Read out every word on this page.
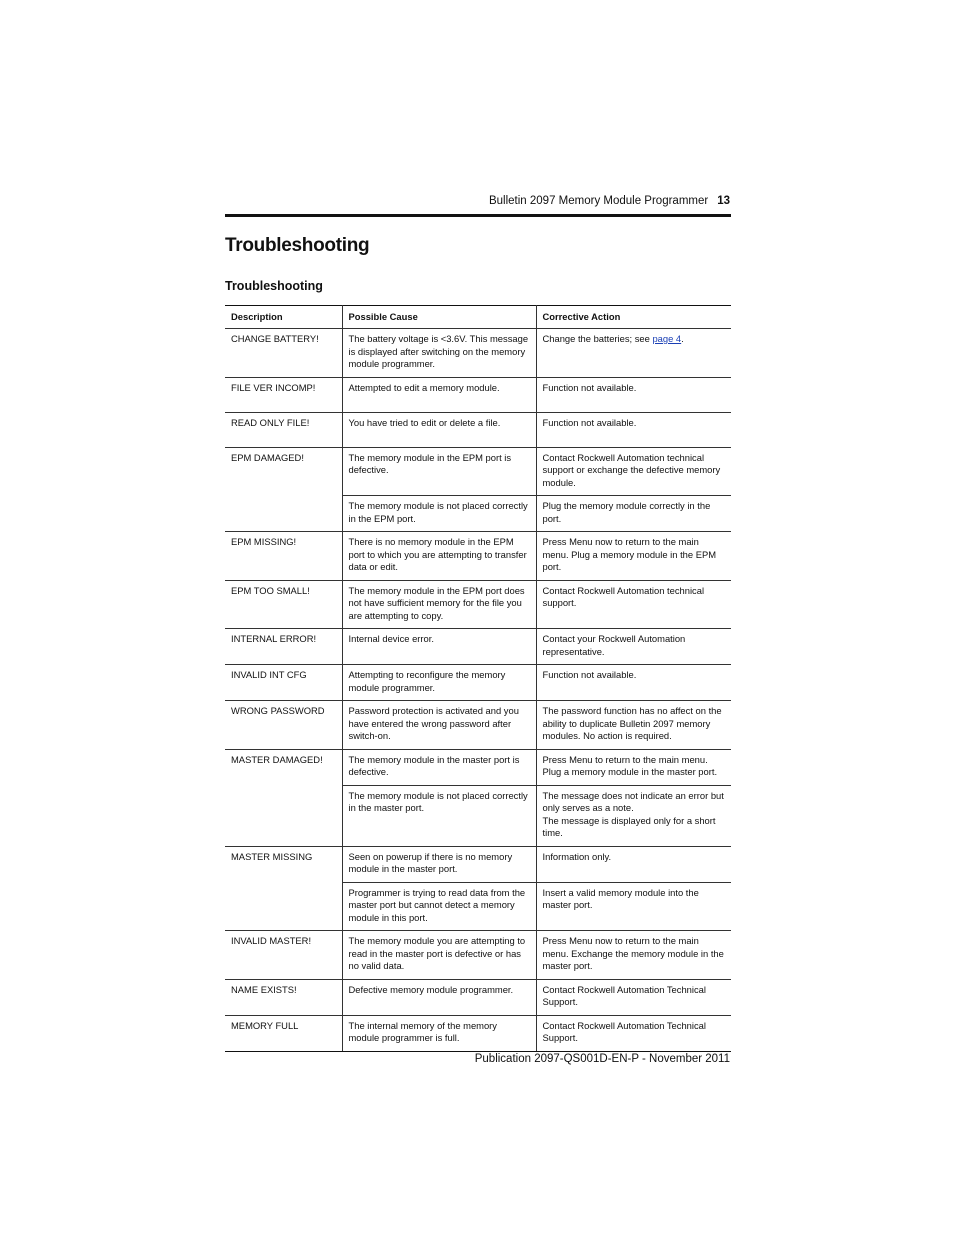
Bulletin 2097 Memory Module Programmer 13
Troubleshooting
Troubleshooting
Description	Possible Cause	Corrective Action
CHANGE BATTERY!	The battery voltage is <3.6V. This message is displayed after switching on the memory module programmer.	Change the batteries; see page 4.
FILE VER INCOMP!	Attempted to edit a memory module.	Function not available.

READ ONLY FILE!	You have tried to edit or delete a file.	Function not available.

EPM DAMAGED!	The memory module in the EPM port is defective.	Contact Rockwell Automation technical support or exchange the defective memory module.

	The memory module is not placed correctly in the EPM port.	Plug the memory module correctly in the port.

EPM MISSING!	There is no memory module in the EPM port to which you are attempting to transfer data or edit.	Press Menu now to return to the main menu. Plug a memory module in the EPM port.

EPM TOO SMALL!	The memory module in the EPM port does not have sufficient memory for the file you are attempting to copy.	Contact Rockwell Automation technical support.

INTERNAL ERROR!	Internal device error.	Contact your Rockwell Automation representative.

INVALID INT CFG	Attempting to reconfigure the memory module programmer.	Function not available.

WRONG PASSWORD	Password protection is activated and you have entered the wrong password after switch-on.	The password function has no affect on the ability to duplicate Bulletin 2097 memory modules. No action is required.

MASTER DAMAGED!	The memory module in the master port is defective.	Press Menu to return to the main menu. Plug a memory module in the master port.

	The memory module is not placed correctly in the master port.	The message does not indicate an error but only serves as a note.
The message is displayed only for a short time.

MASTER MISSING	Seen on powerup if there is no memory module in the master port.	Information only.

	Programmer is trying to read data from the master port but cannot detect a memory module in this port.	Insert a valid memory module into the master port.

INVALID MASTER!	The memory module you are attempting to read in the master port is defective or has no valid data.	Press Menu now to return to the main menu. Exchange the memory module in the master port.

NAME EXISTS!	Defective memory module programmer.	Contact Rockwell Automation Technical Support.

MEMORY FULL	The internal memory of the memory module programmer is full.	Contact Rockwell Automation Technical Support.
Publication 2097-QS001D-EN-P - November 2011
